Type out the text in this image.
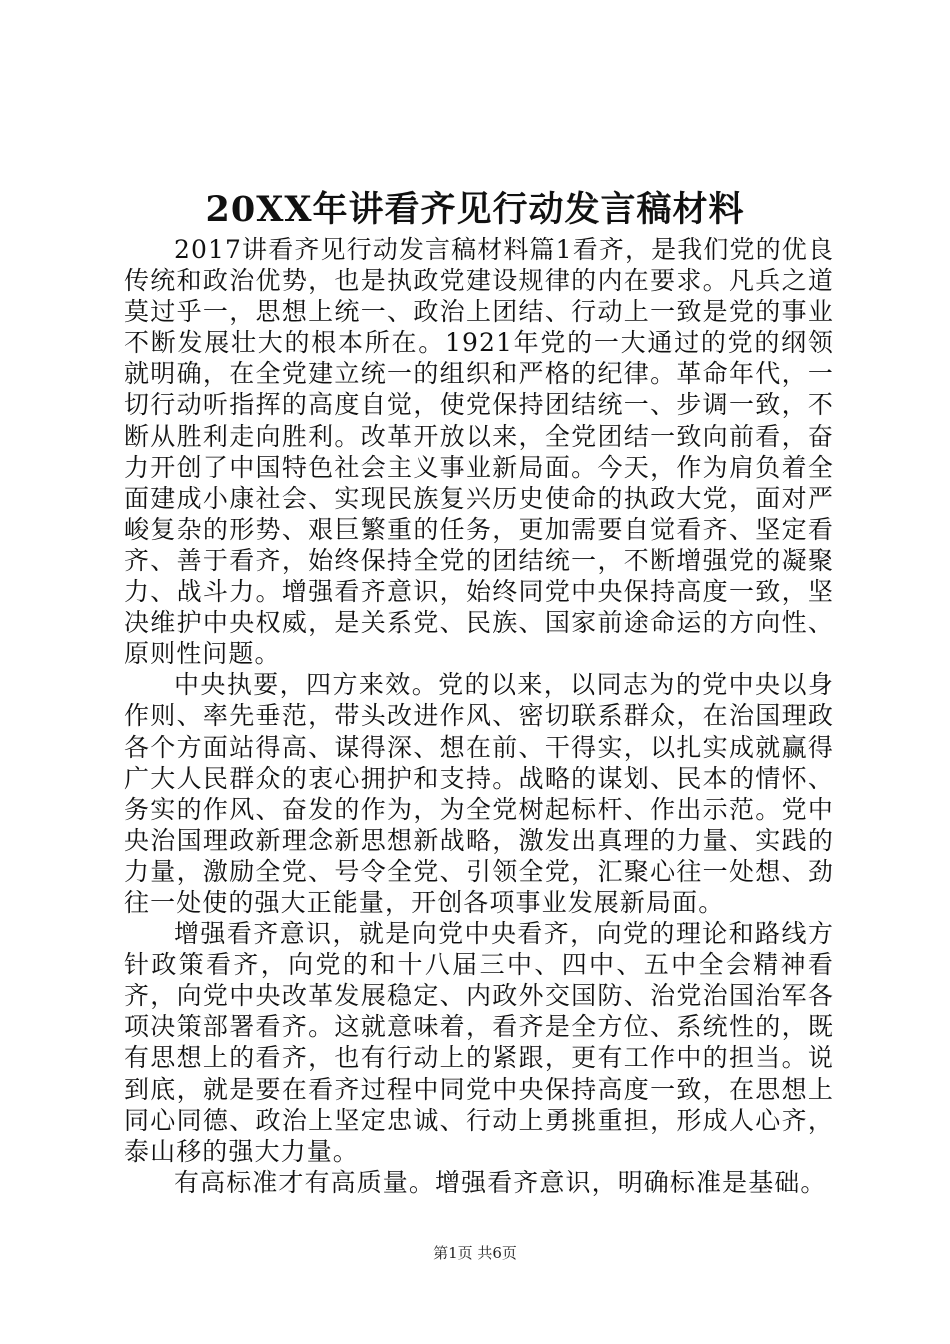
20XX年讲看齐见行动发言稿材料

2017讲看齐见行动发言稿材料篇1看齐，是我们党的优良传统和政治优势，也是执政党建设规律的内在要求。凡兵之道莫过乎一，思想上统一、政治上团结、行动上一致是党的事业不断发展壮大的根本所在。1921年党的一大通过的党的纲领就明确，在全党建立统一的组织和严格的纪律。革命年代，一切行动听指挥的高度自觉，使党保持团结统一、步调一致，不断从胜利走向胜利。改革开放以来，全党团结一致向前看，奋力开创了中国特色社会主义事业新局面。今天，作为肩负着全面建成小康社会、实现民族复兴历史使命的执政大党，面对严峻复杂的形势、艰巨繁重的任务，更加需要自觉看齐、坚定看齐、善于看齐，始终保持全党的团结统一，不断增强党的凝聚力、战斗力。增强看齐意识，始终同党中央保持高度一致，坚决维护中央权威，是关系党、民族、国家前途命运的方向性、原则性问题。

中央执要，四方来效。党的以来，以同志为的党中央以身作则、率先垂范，带头改进作风、密切联系群众，在治国理政各个方面站得高、谋得深、想在前、干得实，以扎实成就赢得广大人民群众的衷心拥护和支持。战略的谋划、民本的情怀、务实的作风、奋发的作为，为全党树起标杆、作出示范。党中央治国理政新理念新思想新战略，激发出真理的力量、实践的力量，激励全党、号令全党、引领全党，汇聚心往一处想、劲往一处使的强大正能量，开创各项事业发展新局面。

增强看齐意识，就是向党中央看齐，向党的理论和路线方针政策看齐，向党的和十八届三中、四中、五中全会精神看齐，向党中央改革发展稳定、内政外交国防、治党治国治军各项决策部署看齐。这就意味着，看齐是全方位、系统性的，既有思想上的看齐，也有行动上的紧跟，更有工作中的担当。说到底，就是要在看齐过程中同党中央保持高度一致，在思想上同心同德、政治上坚定忠诚、行动上勇挑重担，形成人心齐，泰山移的强大力量。

有高标准才有高质量。增强看齐意识，明确标准是基础。

第1页 共6页
